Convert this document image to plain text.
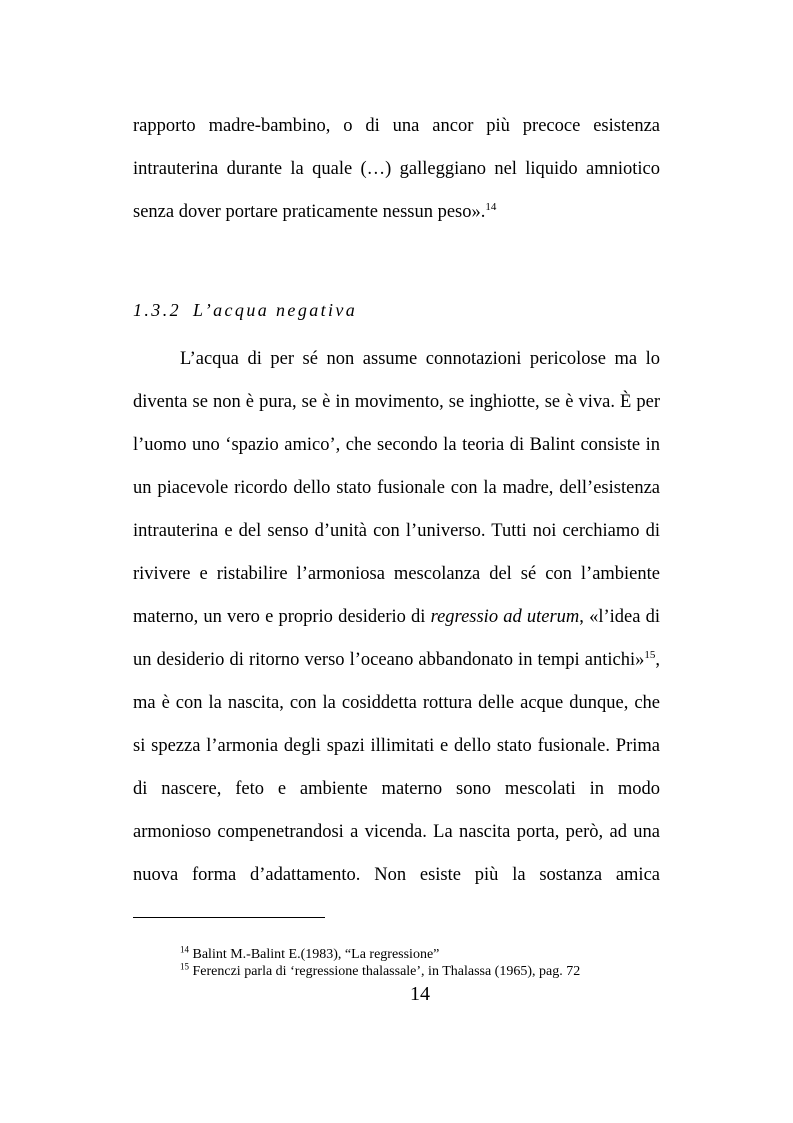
rapporto madre-bambino, o di una ancor più precoce esistenza
intrauterina durante la quale (…) galleggiano nel liquido amniotico
senza dover portare praticamente nessun peso».$^{14}$
1.3.2 L’acqua negativa
L’acqua di per sé non assume connotazioni pericolose ma lo
diventa se non è pura, se è in movimento, se inghiotte, se è viva. È per
l’uomo uno ‘spazio amico’, che secondo la teoria di Balint consiste in
un piacevole ricordo dello stato fusionale con la madre, dell’esistenza
intrauterina e del senso d’unità con l’universo. Tutti noi cerchiamo di
rivivere e ristabilire l’armoniosa mescolanza del sé con l’ambiente
materno, un vero e proprio desiderio di regressio ad uterum, «l’idea di
un desiderio di ritorno verso l’oceano abbandonato in tempi antichi»$^{15}$,
ma è con la nascita, con la cosiddetta rottura delle acque dunque, che
si spezza l’armonia degli spazi illimitati e dello stato fusionale. Prima
di nascere, feto e ambiente materno sono mescolati in modo
armonioso compenetrandosi a vicenda. La nascita porta, però, ad una
nuova forma d’adattamento. Non esiste più la sostanza amica
$^{14}$ Balint M.-Balint E.(1983), “La regressione”
$^{15}$ Ferenczi parla di ‘regressione thalassale’, in Thalassa (1965), pag. 72
14
